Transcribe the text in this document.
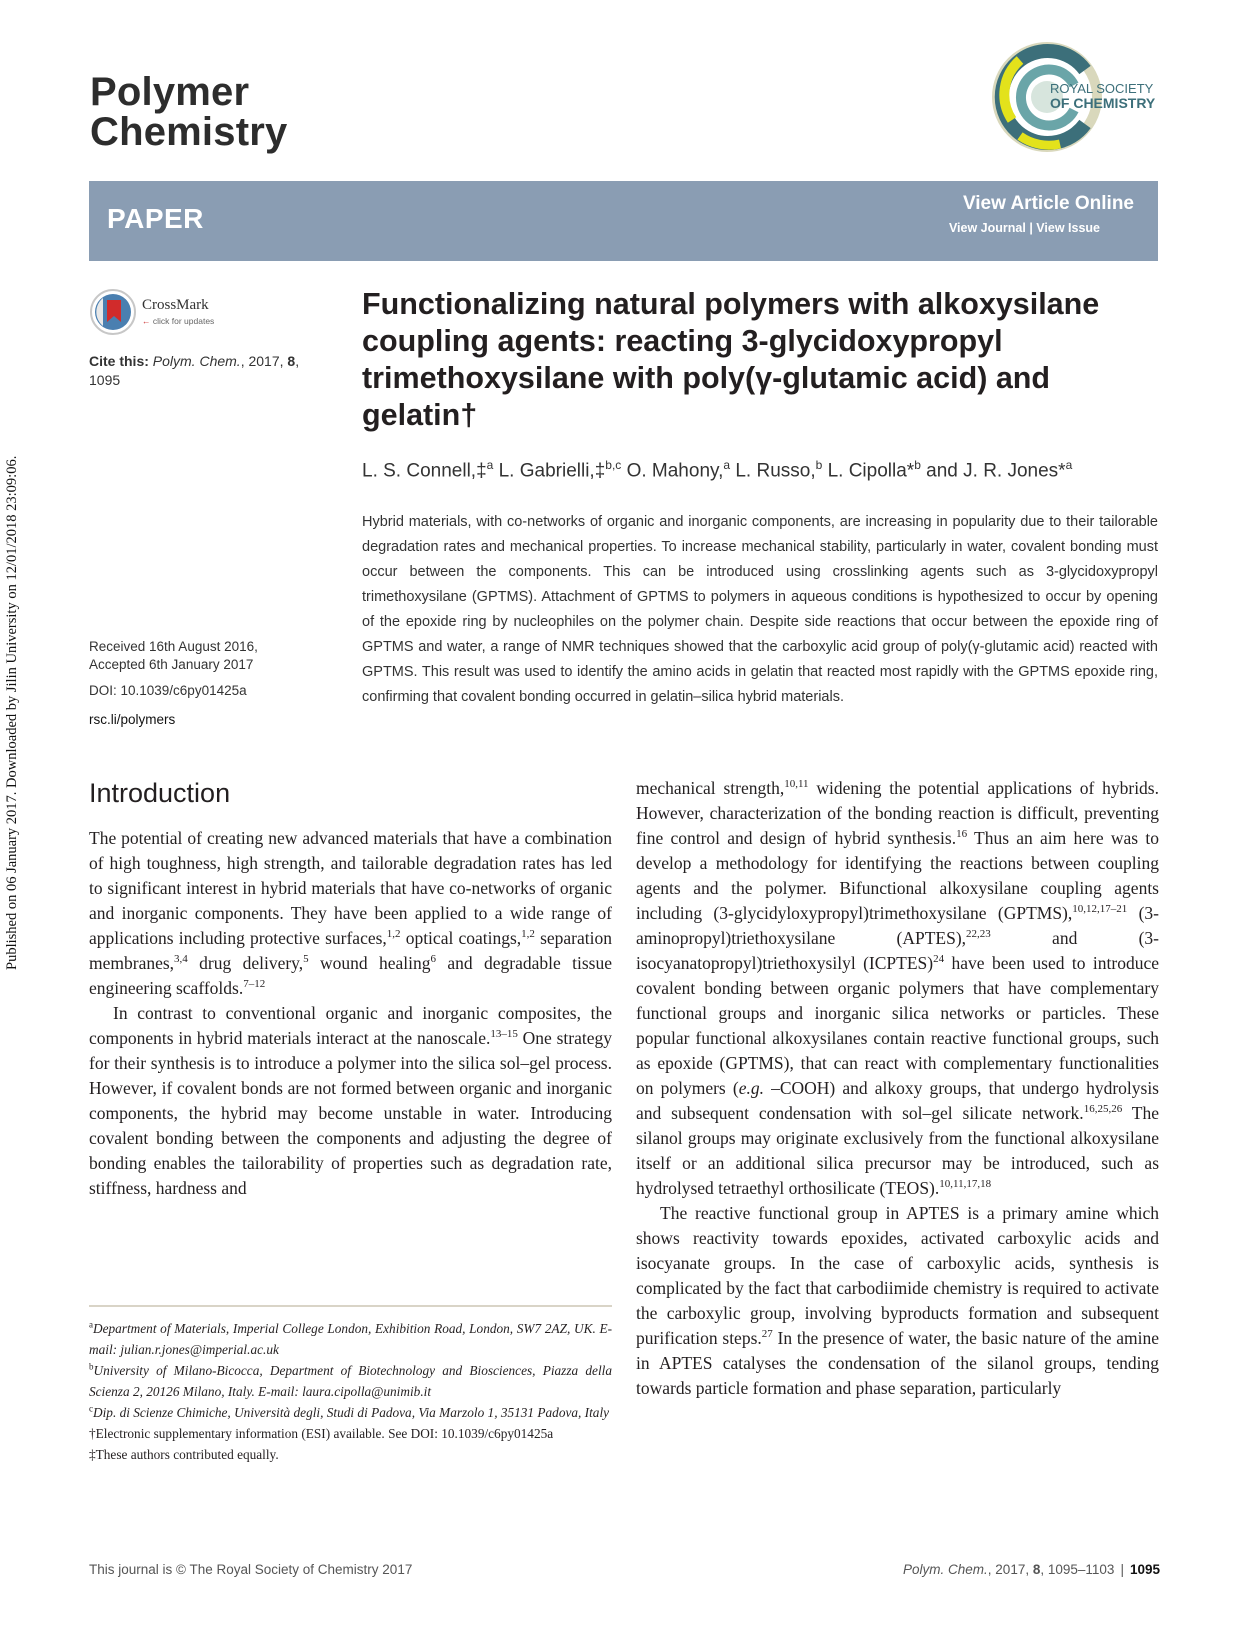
Published on 06 January 2017. Downloaded by Jilin University on 12/01/2018 23:09:06.
Polymer
Chemistry
ROYAL SOCIETY
OF CHEMISTRY
PAPER	View Article Online
View Journal | View Issue
CrossMark
← click for updates
Cite this: Polym. Chem., 2017, 8,
1095
Received 16th August 2016,
Accepted 6th January 2017
DOI: 10.1039/c6py01425a
rsc.li/polymers
Functionalizing natural polymers with alkoxysilane coupling agents: reacting 3-glycidoxypropyl trimethoxysilane with poly(γ-glutamic acid) and gelatin†
L. S. Connell,‡$^a$ L. Gabrielli,‡$^{b,c}$ O. Mahony,$^a$ L. Russo,$^b$ L. Cipolla*$^b$ and J. R. Jones*$^a$
Hybrid materials, with co-networks of organic and inorganic components, are increasing in popularity due to their tailorable degradation rates and mechanical properties. To increase mechanical stability, particularly in water, covalent bonding must occur between the components. This can be introduced using crosslinking agents such as 3-glycidoxypropyl trimethoxysilane (GPTMS). Attachment of GPTMS to polymers in aqueous conditions is hypothesized to occur by opening of the epoxide ring by nucleophiles on the polymer chain. Despite side reactions that occur between the epoxide ring of GPTMS and water, a range of NMR techniques showed that the carboxylic acid group of poly(γ-glutamic acid) reacted with GPTMS. This result was used to identify the amino acids in gelatin that reacted most rapidly with the GPTMS epoxide ring, confirming that covalent bonding occurred in gelatin–silica hybrid materials.
Introduction

The potential of creating new advanced materials that have a combination of high toughness, high strength, and tailorable degradation rates has led to significant interest in hybrid materials that have co-networks of organic and inorganic components. They have been applied to a wide range of applications including protective surfaces,$^{1,2}$ optical coatings,$^{1,2}$ separation membranes,$^{3,4}$ drug delivery,$^5$ wound healing$^6$ and degradable tissue engineering scaffolds.$^{7-12}$

In contrast to conventional organic and inorganic composites, the components in hybrid materials interact at the nanoscale.$^{13-15}$ One strategy for their synthesis is to introduce a polymer into the silica sol–gel process. However, if covalent bonds are not formed between organic and inorganic components, the hybrid may become unstable in water. Introducing covalent bonding between the components and adjusting the degree of bonding enables the tailorability of properties such as degradation rate, stiffness, hardness and

mechanical strength,$^{10,11}$ widening the potential applications of hybrids. However, characterization of the bonding reaction is difficult, preventing fine control and design of hybrid synthesis.$^{16}$ Thus an aim here was to develop a methodology for identifying the reactions between coupling agents and the polymer. Bifunctional alkoxysilane coupling agents including (3-glycidyloxypropyl)trimethoxysilane (GPTMS),$^{10,12,17-21}$ (3-aminopropyl)triethoxysilane (APTES),$^{22,23}$ and (3-isocyanatopropyl)triethoxysilyl (ICPTES)$^{24}$ have been used to introduce covalent bonding between organic polymers that have complementary functional groups and inorganic silica networks or particles. These popular functional alkoxysilanes contain reactive functional groups, such as epoxide (GPTMS), that can react with complementary functionalities on polymers (e.g. –COOH) and alkoxy groups, that undergo hydrolysis and subsequent condensation with sol–gel silicate network.$^{16,25,26}$ The silanol groups may originate exclusively from the functional alkoxysilane itself or an additional silica precursor may be introduced, such as hydrolysed tetraethyl orthosilicate (TEOS).$^{10,11,17,18}$

The reactive functional group in APTES is a primary amine which shows reactivity towards epoxides, activated carboxylic acids and isocyanate groups. In the case of carboxylic acids, synthesis is complicated by the fact that carbodiimide chemistry is required to activate the carboxylic group, involving byproducts formation and subsequent purification steps.$^{27}$ In the presence of water, the basic nature of the amine in APTES catalyses the condensation of the silanol groups, tending towards particle formation and phase separation, particularly

$^a$Department of Materials, Imperial College London, Exhibition Road, London, SW7 2AZ, UK. E-mail: julian.r.jones@imperial.ac.uk

$^b$University of Milano-Bicocca, Department of Biotechnology and Biosciences, Piazza della Scienza 2, 20126 Milano, Italy. E-mail: laura.cipolla@unimib.it

$^c$Dip. di Scienze Chimiche, Università degli, Studi di Padova, Via Marzolo 1, 35131 Padova, Italy

†Electronic supplementary information (ESI) available. See DOI: 10.1039/c6py01425a

‡These authors contributed equally.

This journal is © The Royal Society of Chemistry 2017	Polym. Chem., 2017, 8, 1095–1103 | 1095
